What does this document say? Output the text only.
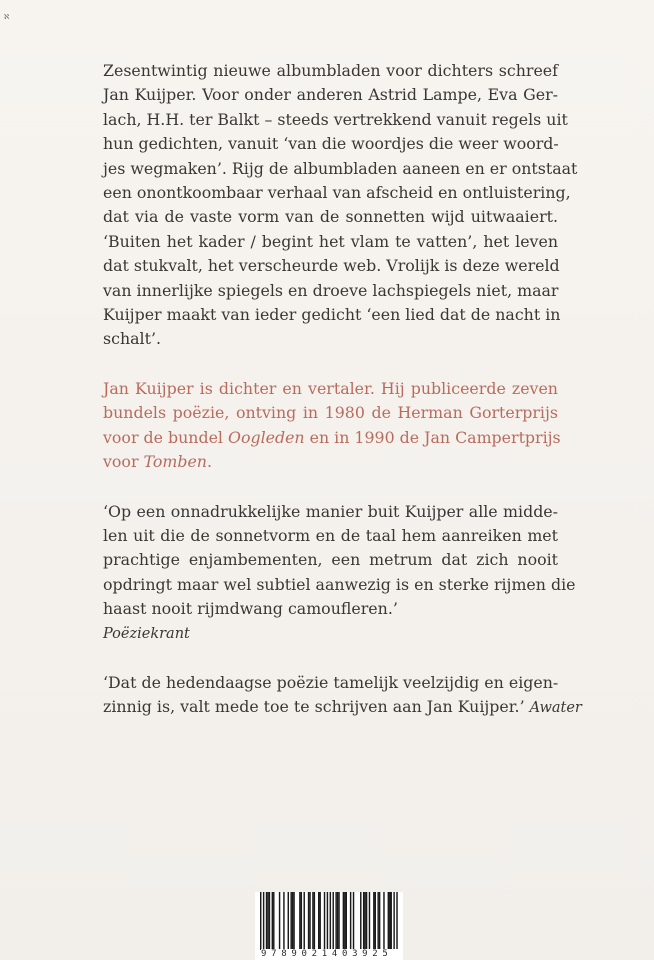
ℵ

Zesentwintig nieuwe albumbladen voor dichters schreef
Jan Kuijper. Voor onder anderen Astrid Lampe, Eva Ger-
lach, H.H. ter Balkt – steeds vertrekkend vanuit regels uit
hun gedichten, vanuit ‘van die woordjes die weer woord-
jes wegmaken’. Rijg de albumbladen aaneen en er ontstaat
een onontkoombaar verhaal van afscheid en ontluistering,
dat via de vaste vorm van de sonnetten wijd uitwaaiert.
‘Buiten het kader / begint het vlam te vatten’, het leven
dat stukvalt, het verscheurde web. Vrolijk is deze wereld
van innerlijke spiegels en droeve lachspiegels niet, maar
Kuijper maakt van ieder gedicht ‘een lied dat de nacht in
schalt’.

Jan Kuijper is dichter en vertaler. Hij publiceerde zeven
bundels poëzie, ontving in 1980 de Herman Gorterprijs
voor de bundel Oogleden en in 1990 de Jan Campertprijs
voor Tomben.

‘Op een onnadrukkelijke manier buit Kuijper alle midde-
len uit die de sonnetvorm en de taal hem aanreiken met
prachtige enjambementen, een metrum dat zich nooit
opdringt maar wel subtiel aanwezig is en sterke rijmen die
haast nooit rijmdwang camoufleren.’
Poëziekrant

‘Dat de hedendaagse poëzie tamelijk veelzijdig en eigen-
zinnig is, valt mede toe te schrijven aan Jan Kuijper.’ Awater

9789021403925
